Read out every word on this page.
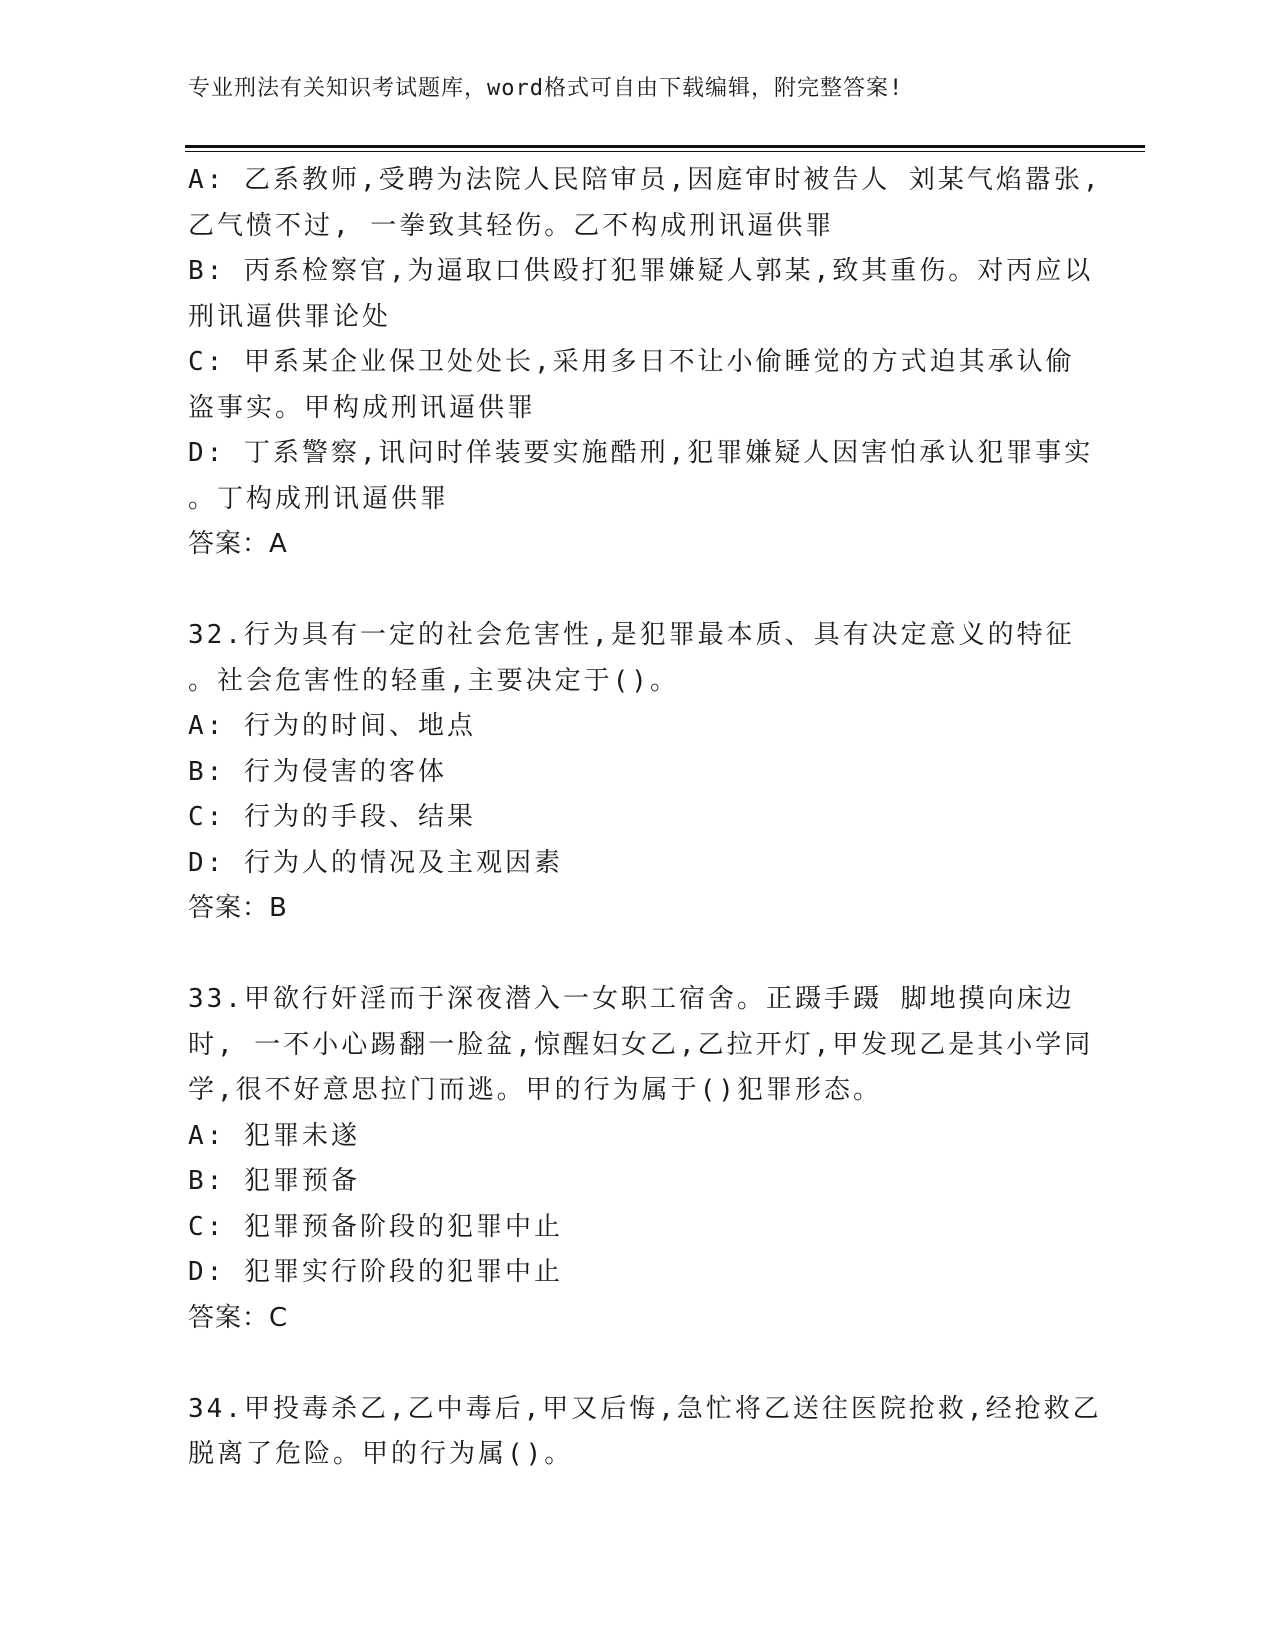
专业刑法有关知识考试题库，word格式可自由下载编辑，附完整答案!
A: 乙系教师,受聘为法院人民陪审员,因庭审时被告人 刘某气焰嚣张,
乙气愤不过, 一拳致其轻伤。乙不构成刑讯逼供罪
B: 丙系检察官,为逼取口供殴打犯罪嫌疑人郭某,致其重伤。对丙应以
刑讯逼供罪论处
C: 甲系某企业保卫处处长,采用多日不让小偷睡觉的方式迫其承认偷
盗事实。甲构成刑讯逼供罪
D: 丁系警察,讯问时佯装要实施酷刑,犯罪嫌疑人因害怕承认犯罪事实
。丁构成刑讯逼供罪
答案：A
32.行为具有一定的社会危害性,是犯罪最本质、具有决定意义的特征
。社会危害性的轻重,主要决定于()。
A: 行为的时间、地点
B: 行为侵害的客体
C: 行为的手段、结果
D: 行为人的情况及主观因素
答案：B
33.甲欲行奸淫而于深夜潜入一女职工宿舍。正蹑手蹑 脚地摸向床边
时, 一不小心踢翻一脸盆,惊醒妇女乙,乙拉开灯,甲发现乙是其小学同
学,很不好意思拉门而逃。甲的行为属于()犯罪形态。
A: 犯罪未遂
B: 犯罪预备
C: 犯罪预备阶段的犯罪中止
D: 犯罪实行阶段的犯罪中止
答案：C
34.甲投毒杀乙,乙中毒后,甲又后悔,急忙将乙送往医院抢救,经抢救乙
脱离了危险。甲的行为属()。
